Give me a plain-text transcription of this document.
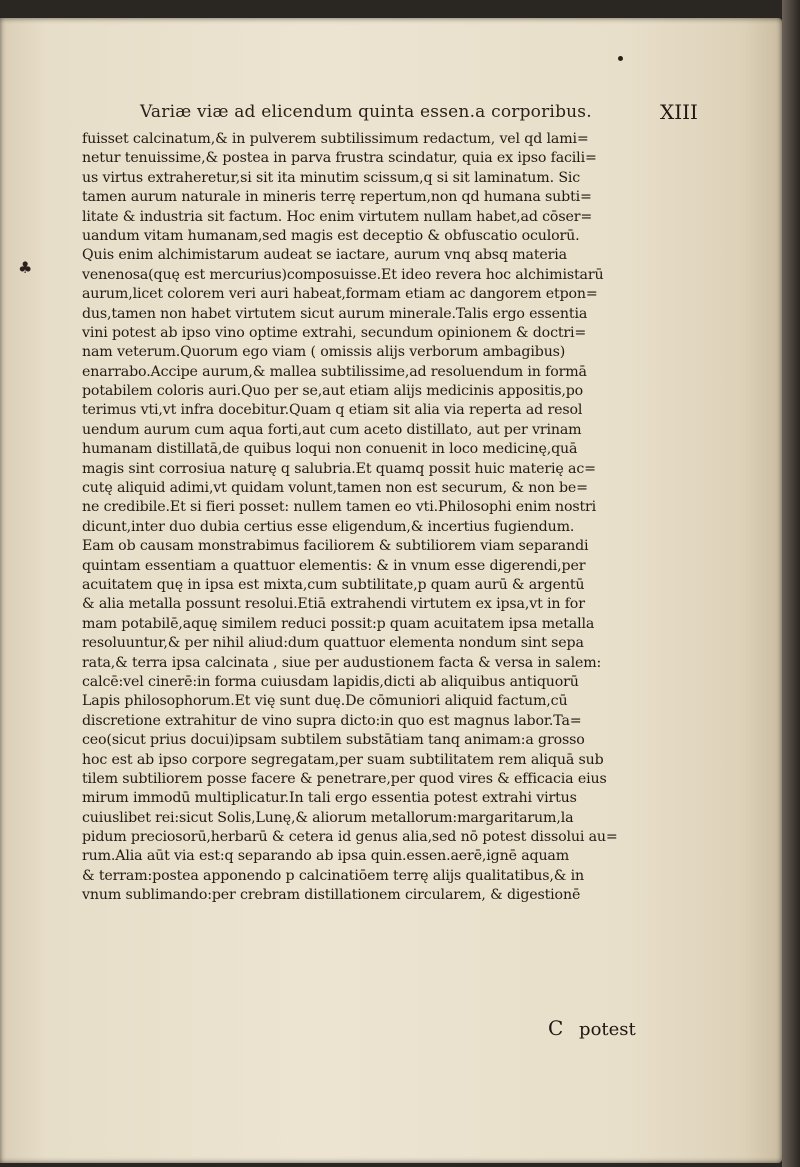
♣
Variæ viæ ad elicendum quinta essen.a corporibus.	XIII
fuisset calcinatum,& in pulverem subtilissimum redactum, vel qd lami=
netur tenuissime,& postea in parva frustra scindatur, quia ex ipso facili=
us virtus extraheretur,si sit ita minutim scissum,q si sit laminatum. Sic
tamen aurum naturale in mineris terrę repertum,non qd humana subti=
litate & industria sit factum. Hoc enim virtutem nullam habet,ad cōser=
uandum vitam humanam,sed magis est deceptio & obfuscatio oculorū.
Quis enim alchimistarum audeat se iactare, aurum vnq absq materia
venenosa(quę est mercurius)composuisse.Et ideo revera hoc alchimistarū
aurum,licet colorem veri auri habeat,formam etiam ac dangorem etpon=
dus,tamen non habet virtutem sicut aurum minerale.Talis ergo essentia
vini potest ab ipso vino optime extrahi, secundum opinionem & doctri=
nam veterum.Quorum ego viam ( omissis alijs verborum ambagibus)
enarrabo.Accipe aurum,& mallea subtilissime,ad resoluendum in formā
potabilem coloris auri.Quo per se,aut etiam alijs medicinis appositis,po
terimus vti,vt infra docebitur.Quam q etiam sit alia via reperta ad resol
uendum aurum cum aqua forti,aut cum aceto distillato, aut per vrinam
humanam distillatā,de quibus loqui non conuenit in loco medicinę,quā
magis sint corrosiua naturę q salubria.Et quamq possit huic materię ac=
cutę aliquid adimi,vt quidam volunt,tamen non est securum, & non be=
ne credibile.Et si fieri posset: nullem tamen eo vti.Philosophi enim nostri
dicunt,inter duo dubia certius esse eligendum,& incertius fugiendum.
Eam ob causam monstrabimus faciliorem & subtiliorem viam separandi
quintam essentiam a quattuor elementis: & in vnum esse digerendi,per
acuitatem quę in ipsa est mixta,cum subtilitate,p quam aurū & argentū
& alia metalla possunt resolui.Etiā extrahendi virtutem ex ipsa,vt in for
mam potabilē,aquę similem reduci possit:p quam acuitatem ipsa metalla
resoluuntur,& per nihil aliud:dum quattuor elementa nondum sint sepa
rata,& terra ipsa calcinata , siue per audustionem facta & versa in salem:
calcē:vel cinerē:in forma cuiusdam lapidis,dicti ab aliquibus antiquorū
Lapis philosophorum.Et vię sunt duę.De cōmuniori aliquid factum,cū
discretione extrahitur de vino supra dicto:in quo est magnus labor.Ta=
ceo(sicut prius docui)ipsam subtilem substātiam tanq animam:a grosso
hoc est ab ipso corpore segregatam,per suam subtilitatem rem aliquā sub
tilem subtiliorem posse facere & penetrare,per quod vires & efficacia eius
mirum immodū multiplicatur.In tali ergo essentia potest extrahi virtus
cuiuslibet rei:sicut Solis,Lunę,& aliorum metallorum:margaritarum,la
pidum preciosorū,herbarū & cetera id genus alia,sed nō potest dissolui au=
rum.Alia aūt via est:q separando ab ipsa quin.essen.aerē,ignē aquam
& terram:postea apponendo p calcinatiōem terrę alijs qualitatibus,& in
vnum sublimando:per crebram distillationem circularem, & digestionē
C potest
